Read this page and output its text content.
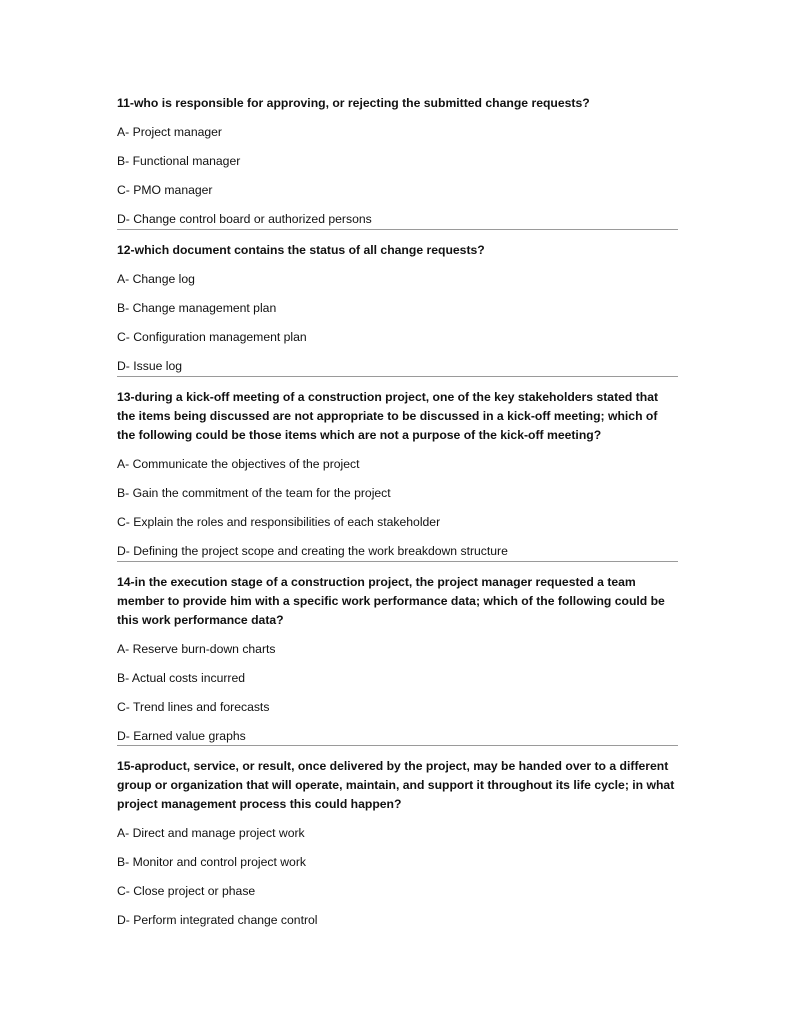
11-who is responsible for approving, or rejecting the submitted change requests?

A- Project manager
B- Functional manager
C- PMO manager
D- Change control board or authorized persons

12-which document contains the status of all change requests?

A- Change log
B- Change management plan
C- Configuration management plan
D- Issue log

13-during a kick-off meeting of a construction project, one of the key stakeholders stated that the items being discussed are not appropriate to be discussed in a kick-off meeting; which of the following could be those items which are not a purpose of the kick-off meeting?

A- Communicate the objectives of the project
B- Gain the commitment of the team for the project
C- Explain the roles and responsibilities of each stakeholder
D- Defining the project scope and creating the work breakdown structure

14-in the execution stage of a construction project, the project manager requested a team member to provide him with a specific work performance data; which of the following could be this work performance data?

A- Reserve burn-down charts
B- Actual costs incurred
C- Trend lines and forecasts
D- Earned value graphs

15-aproduct, service, or result, once delivered by the project, may be handed over to a different group or organization that will operate, maintain, and support it throughout its life cycle; in what project management process this could happen?

A- Direct and manage project work
B- Monitor and control project work
C- Close project or phase
D- Perform integrated change control
